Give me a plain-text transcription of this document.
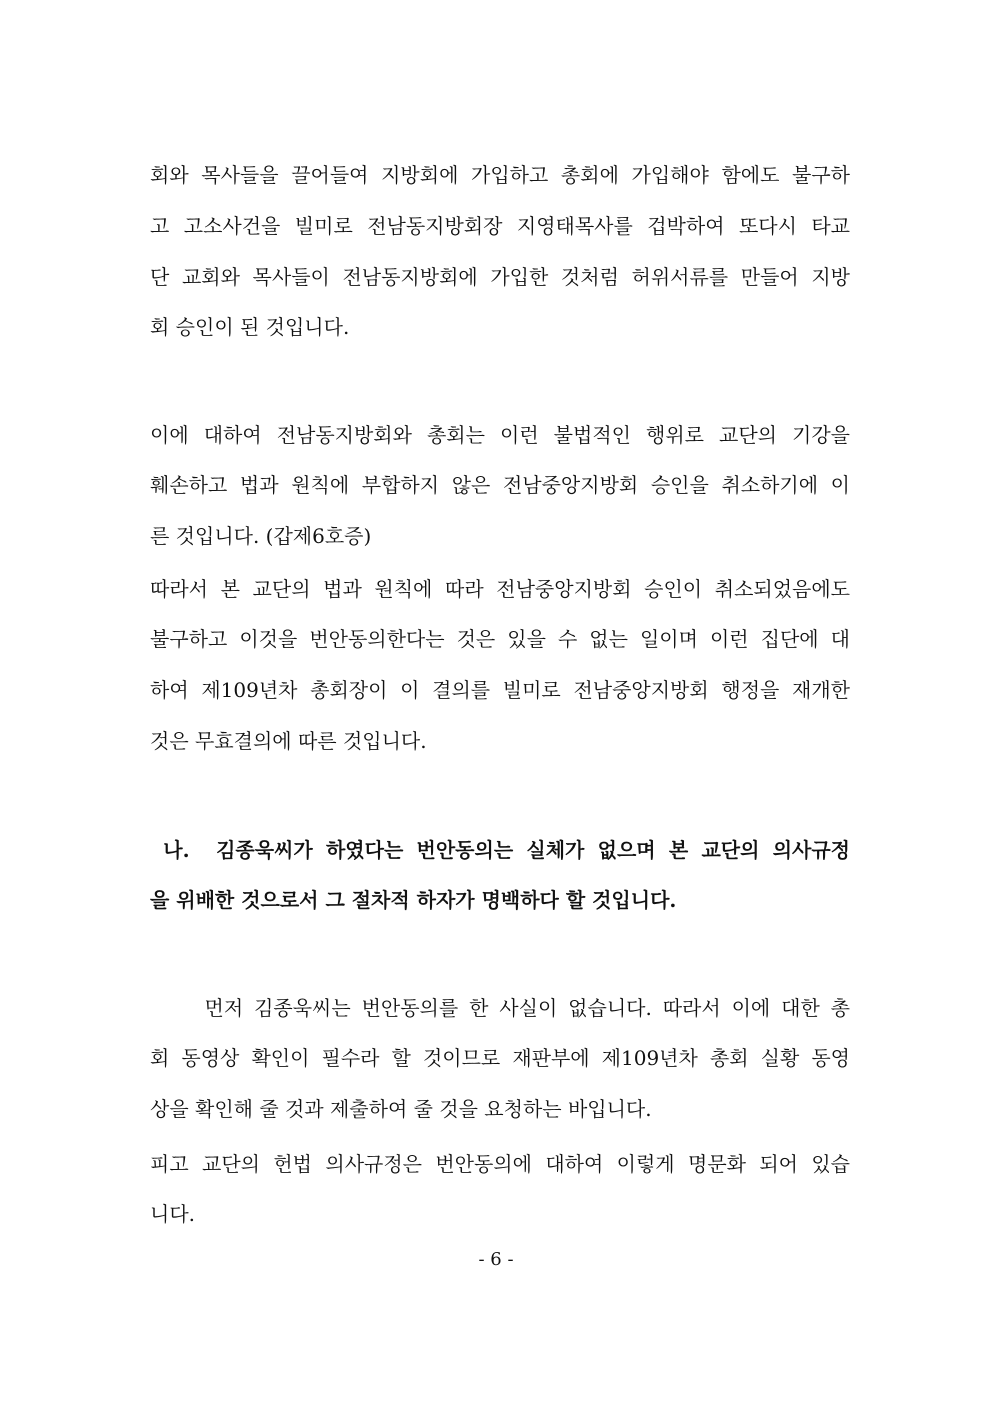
회와 목사들을 끌어들여 지방회에 가입하고 총회에 가입해야 함에도 불구하
고 고소사건을 빌미로 전남동지방회장 지영태목사를 겁박하여 또다시 타교
단 교회와 목사들이 전남동지방회에 가입한 것처럼 허위서류를 만들어 지방
회 승인이 된 것입니다.
이에 대하여 전남동지방회와 총회는 이런 불법적인 행위로 교단의 기강을
훼손하고 법과 원칙에 부합하지 않은 전남중앙지방회 승인을 취소하기에 이
른 것입니다. (갑제6호증)
따라서 본 교단의 법과 원칙에 따라 전남중앙지방회 승인이 취소되었음에도
불구하고 이것을 번안동의한다는 것은 있을 수 없는 일이며 이런 집단에 대
하여 제109년차 총회장이 이 결의를 빌미로 전남중앙지방회 행정을 재개한
것은 무효결의에 따른 것입니다.
나.  김종욱씨가 하였다는 번안동의는 실체가 없으며 본 교단의 의사규정
을 위배한 것으로서 그 절차적 하자가 명백하다 할 것입니다.
먼저 김종욱씨는 번안동의를 한 사실이 없습니다. 따라서 이에 대한 총
회 동영상 확인이 필수라 할 것이므로 재판부에 제109년차 총회 실황 동영
상을 확인해 줄 것과 제출하여 줄 것을 요청하는 바입니다.
피고 교단의 헌법 의사규정은 번안동의에 대하여 이렇게 명문화 되어 있습
니다.
- 6 -
